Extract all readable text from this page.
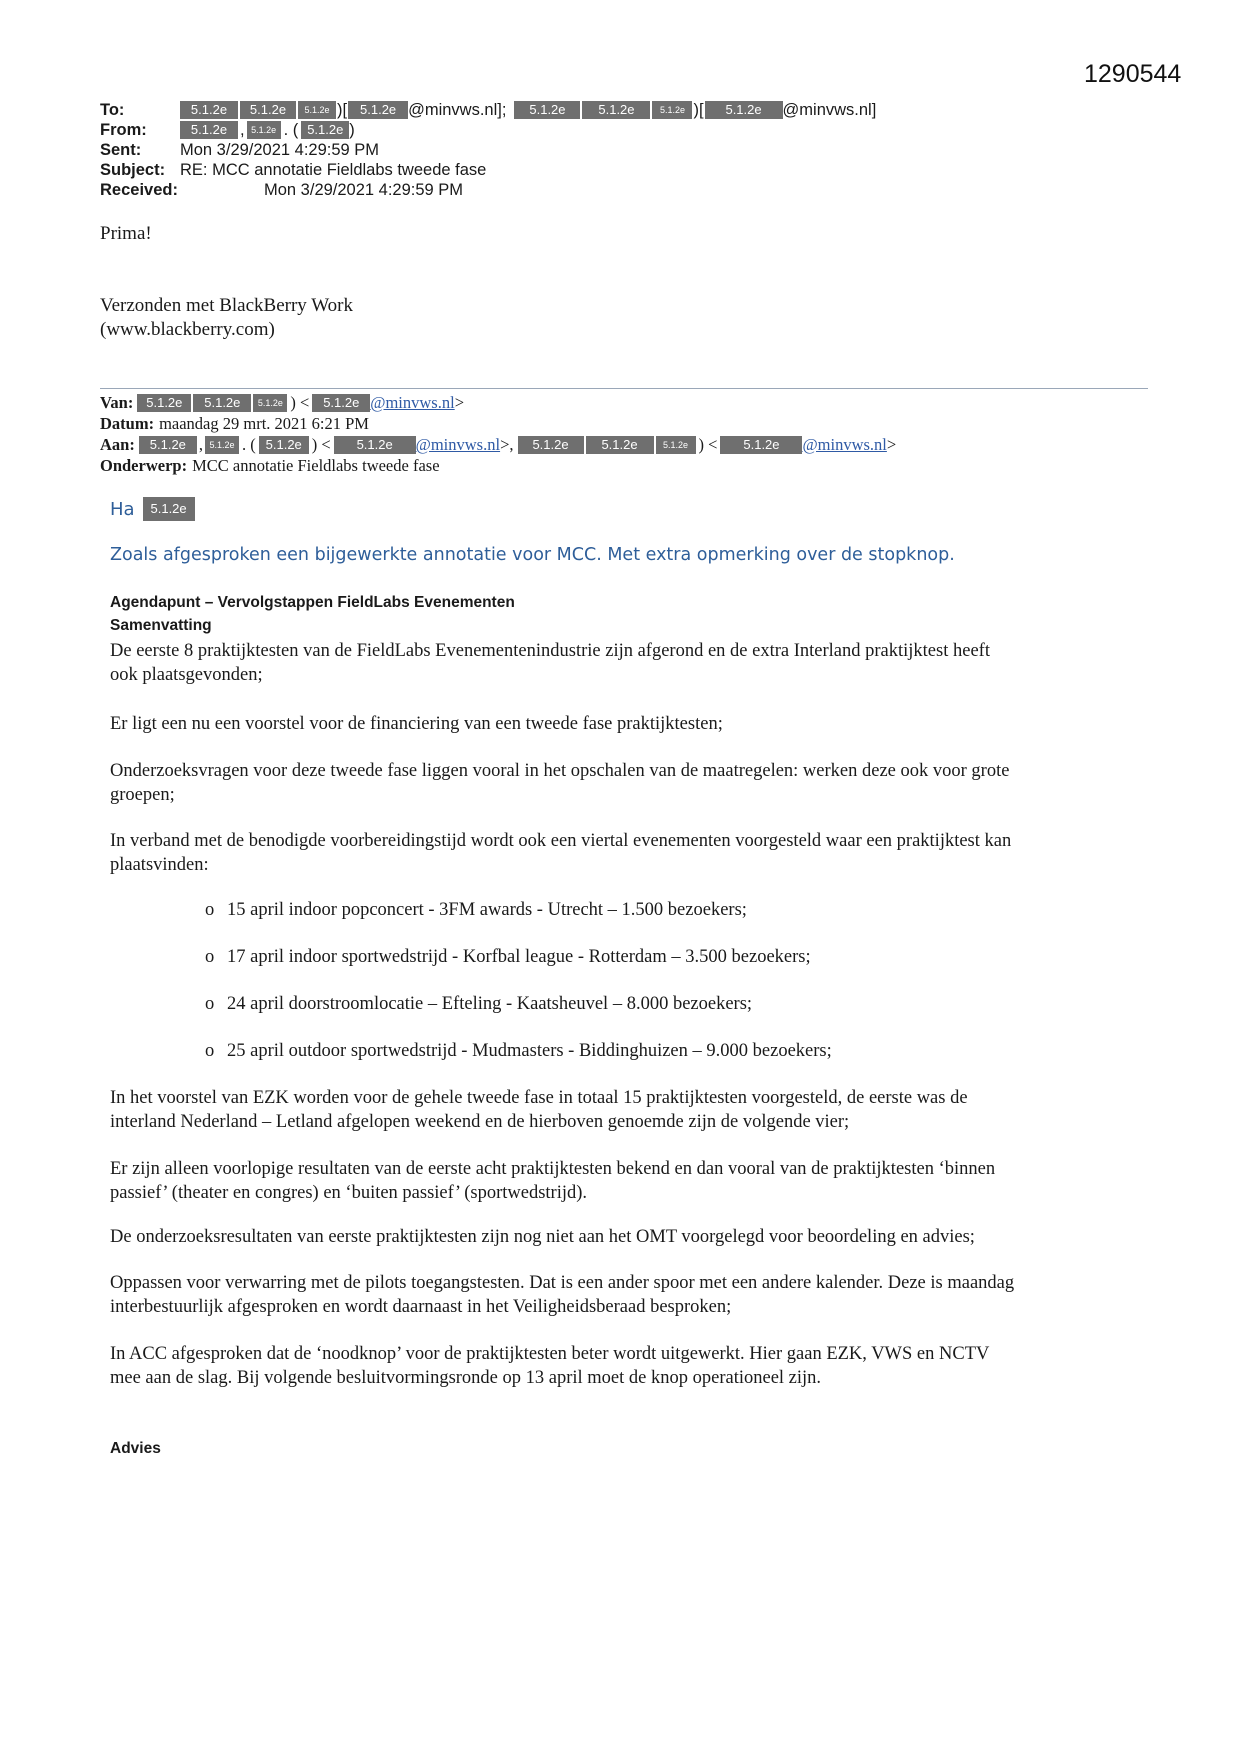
1290544
To:	5.1.2e	5.1.2e	5.1.2e )[ 5.1.2e @minvws.nl];	5.1.2e	5.1.2e	5.1.2e )[	5.1.2e	@minvws.nl]
From:	5.1.2e , 5.1.2e . ( 5.1.2e )
Sent:	Mon 3/29/2021 4:29:59 PM
Subject: RE: MCC annotatie Fieldlabs tweede fase
Received:	Mon 3/29/2021 4:29:59 PM
Prima!
Verzonden met BlackBerry Work
(www.blackberry.com)
Van: 5.1.2e	5.1.2e	5.1.2e ) <	5.1.2e @minvws.nl >
Datum: maandag 29 mrt. 2021 6:21 PM
Aan:	5.1.2e , 5.1.2e . ( 5.1.2e ) <	5.1.2e	@minvws.nl >,	5.1.2e	5.1.2e	5.1.2e ) <	5.1.2e	@minvws.nl >
Onderwerp: MCC annotatie Fieldlabs tweede fase
Ha	5.1.2e
Zoals afgesproken een bijgewerkte annotatie voor MCC. Met extra opmerking over de stopknop.
Agendapunt – Vervolgstappen FieldLabs Evenementen
Samenvatting
De eerste 8 praktijktesten van de FieldLabs Evenementenindustrie zijn afgerond en de extra Interland praktijktest heeft
ook plaatsgevonden;
Er ligt een nu een voorstel voor de financiering van een tweede fase praktijktesten;
Onderzoeksvragen voor deze tweede fase liggen vooral in het opschalen van de maatregelen: werken deze ook voor grote
groepen;
In verband met de benodigde voorbereidingstijd wordt ook een viertal evenementen voorgesteld waar een praktijktest kan
plaatsvinden:
o 15 april indoor popconcert - 3FM awards - Utrecht – 1.500 bezoekers;
o 17 april indoor sportwedstrijd - Korfbal league - Rotterdam – 3.500 bezoekers;
o 24 april doorstroomlocatie – Efteling - Kaatsheuvel – 8.000 bezoekers;
o 25 april outdoor sportwedstrijd - Mudmasters - Biddinghuizen – 9.000 bezoekers;
In het voorstel van EZK worden voor de gehele tweede fase in totaal 15 praktijktesten voorgesteld, de eerste was de
interland Nederland – Letland afgelopen weekend en de hierboven genoemde zijn de volgende vier;
Er zijn alleen voorlopige resultaten van de eerste acht praktijktesten bekend en dan vooral van de praktijktesten ‘binnen
passief’ (theater en congres) en ‘buiten passief’ (sportwedstrijd).
De onderzoeksresultaten van eerste praktijktesten zijn nog niet aan het OMT voorgelegd voor beoordeling en advies;
Oppassen voor verwarring met de pilots toegangstesten. Dat is een ander spoor met een andere kalender. Deze is maandag
interbestuurlijk afgesproken en wordt daarnaast in het Veiligheidsberaad besproken;
In ACC afgesproken dat de ‘noodknop’ voor de praktijktesten beter wordt uitgewerkt. Hier gaan EZK, VWS en NCTV
mee aan de slag. Bij volgende besluitvormingsronde op 13 april moet de knop operationeel zijn.
Advies
